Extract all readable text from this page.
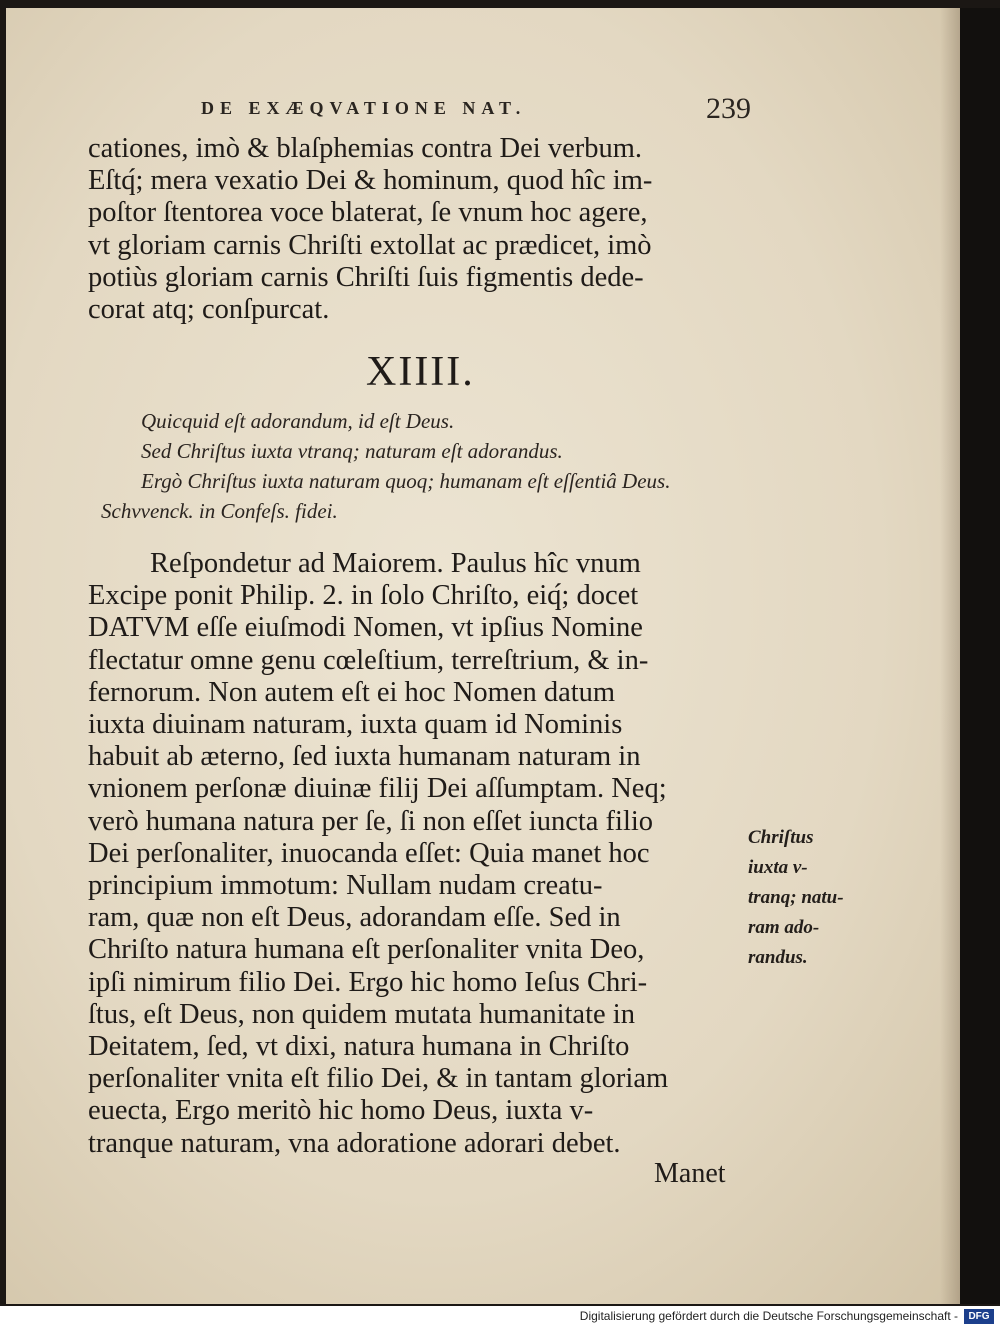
DE EXÆQVATIONE NAT.	239

cationes, imò & blaſphemias contra Dei verbum.
Eſtq́; mera vexatio Dei & hominum, quod hîc im-
poſtor ſtentorea voce blaterat, ſe vnum hoc agere,
vt gloriam carnis Chriſti extollat ac prædicet, imò
potiùs gloriam carnis Chriſti ſuis figmentis dede-
corat atq; conſpurcat.

XIIII.
Quicquid eſt adorandum, id eſt Deus.
Sed Chriſtus iuxta vtranq; naturam eſt adorandus.
Ergò Chriſtus iuxta naturam quoq; humanam eſt eſſentiâ Deus.
Schvvenck. in Confeſs. fidei.

Reſpondetur ad Maiorem. Paulus hîc vnum
Excipe ponit Philip. 2. in ſolo Chriſto, eiq́; docet
DATVM eſſe eiuſmodi Nomen, vt ipſius Nomine
flectatur omne genu cœleſtium, terreſtrium, & in-
fernorum. Non autem eſt ei hoc Nomen datum
iuxta diuinam naturam, iuxta quam id Nominis
habuit ab æterno, ſed iuxta humanam naturam in
vnionem perſonæ diuinæ filij Dei aſſumptam. Neq;
verò humana natura per ſe, ſi non eſſet iuncta filio
Dei perſonaliter, inuocanda eſſet: Quia manet hoc
principium immotum: Nullam nudam creatu-
ram, quæ non eſt Deus, adorandam eſſe. Sed in
Chriſto natura humana eſt perſonaliter vnita Deo,
ipſi nimirum filio Dei. Ergo hic homo Ieſus Chri-
ſtus, eſt Deus, non quidem mutata humanitate in
Deitatem, ſed, vt dixi, natura humana in Chriſto
perſonaliter vnita eſt filio Dei, & in tantam gloriam
euecta, Ergo meritò hic homo Deus, iuxta v-
tranque naturam, vna adoratione adorari debet.

Chriſtus
iuxta v-
tranq; natu-
ram ado-
randus.
Manet
Digitalisierung gefördert durch die Deutsche Forschungsgemeinschaft -	DFG
